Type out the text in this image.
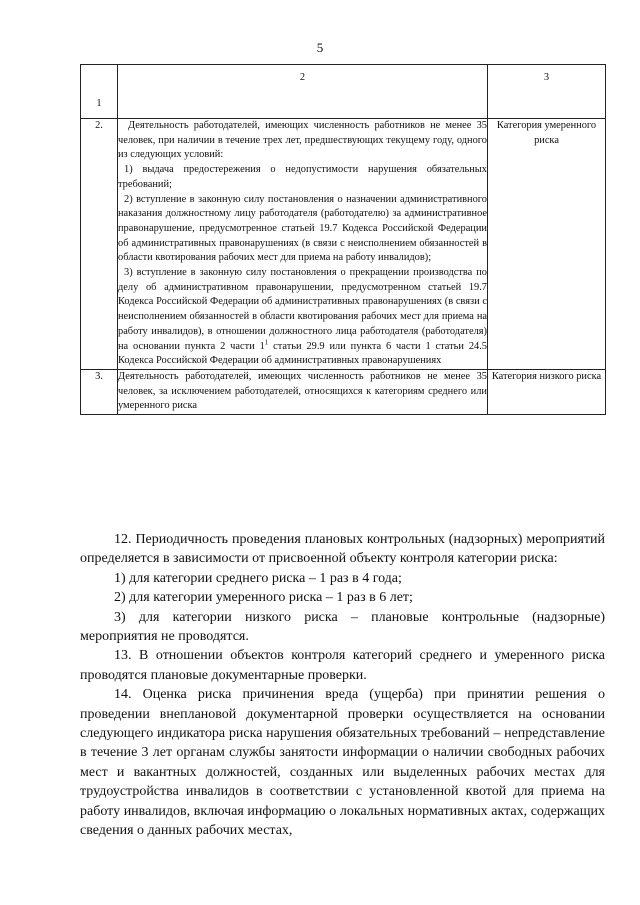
5
1	2	3
2.	Деятельность работодателей, имеющих численность работников не менее 35 человек, при наличии в течение трех лет, предшествующих текущему году, одного из следующих условий:

1) выдача предостережения о недопустимости нарушения обязательных требований;

2) вступление в законную силу постановления о назначении административного наказания должностному лицу работодателя (работодателю) за административное правонарушение, предусмотренное статьей 19.7 Кодекса Российской Федерации об административных правонарушениях (в связи с неисполнением обязанностей в области квотирования рабочих мест для приема на работу инвалидов);

3) вступление в законную силу постановления о прекращении производства по делу об административном правонарушении, предусмотренном статьей 19.7 Кодекса Российской Федерации об административных правонарушениях (в связи с неисполнением обязанностей в области квотирования рабочих мест для приема на работу инвалидов), в отношении должностного лица работодателя (работодателя) на основании пункта 2 части $1^1$ статьи 29.9 или пункта 6 части 1 статьи 24.5 Кодекса Российской Федерации об административных правонарушениях	Категория умеренного риска
3.	Деятельность работодателей, имеющих численность работников не менее 35 человек, за исключением работодателей, относящихся к категориям среднего или умеренного риска	Категория низкого риска

12. Периодичность проведения плановых контрольных (надзорных) мероприятий определяется в зависимости от присвоенной объекту контроля категории риска:

1) для категории среднего риска – 1 раз в 4 года;

2) для категории умеренного риска – 1 раз в 6 лет;

3) для категории низкого риска – плановые контрольные (надзорные) мероприятия не проводятся.

13. В отношении объектов контроля категорий среднего и умеренного риска проводятся плановые документарные проверки.

14. Оценка риска причинения вреда (ущерба) при принятии решения о проведении внеплановой документарной проверки осуществляется на основании следующего индикатора риска нарушения обязательных требований – непредставление в течение 3 лет органам службы занятости информации о наличии свободных рабочих мест и вакантных должностей, созданных или выделенных рабочих местах для трудоустройства инвалидов в соответствии с установленной квотой для приема на работу инвалидов, включая информацию о локальных нормативных актах, содержащих сведения о данных рабочих местах,
